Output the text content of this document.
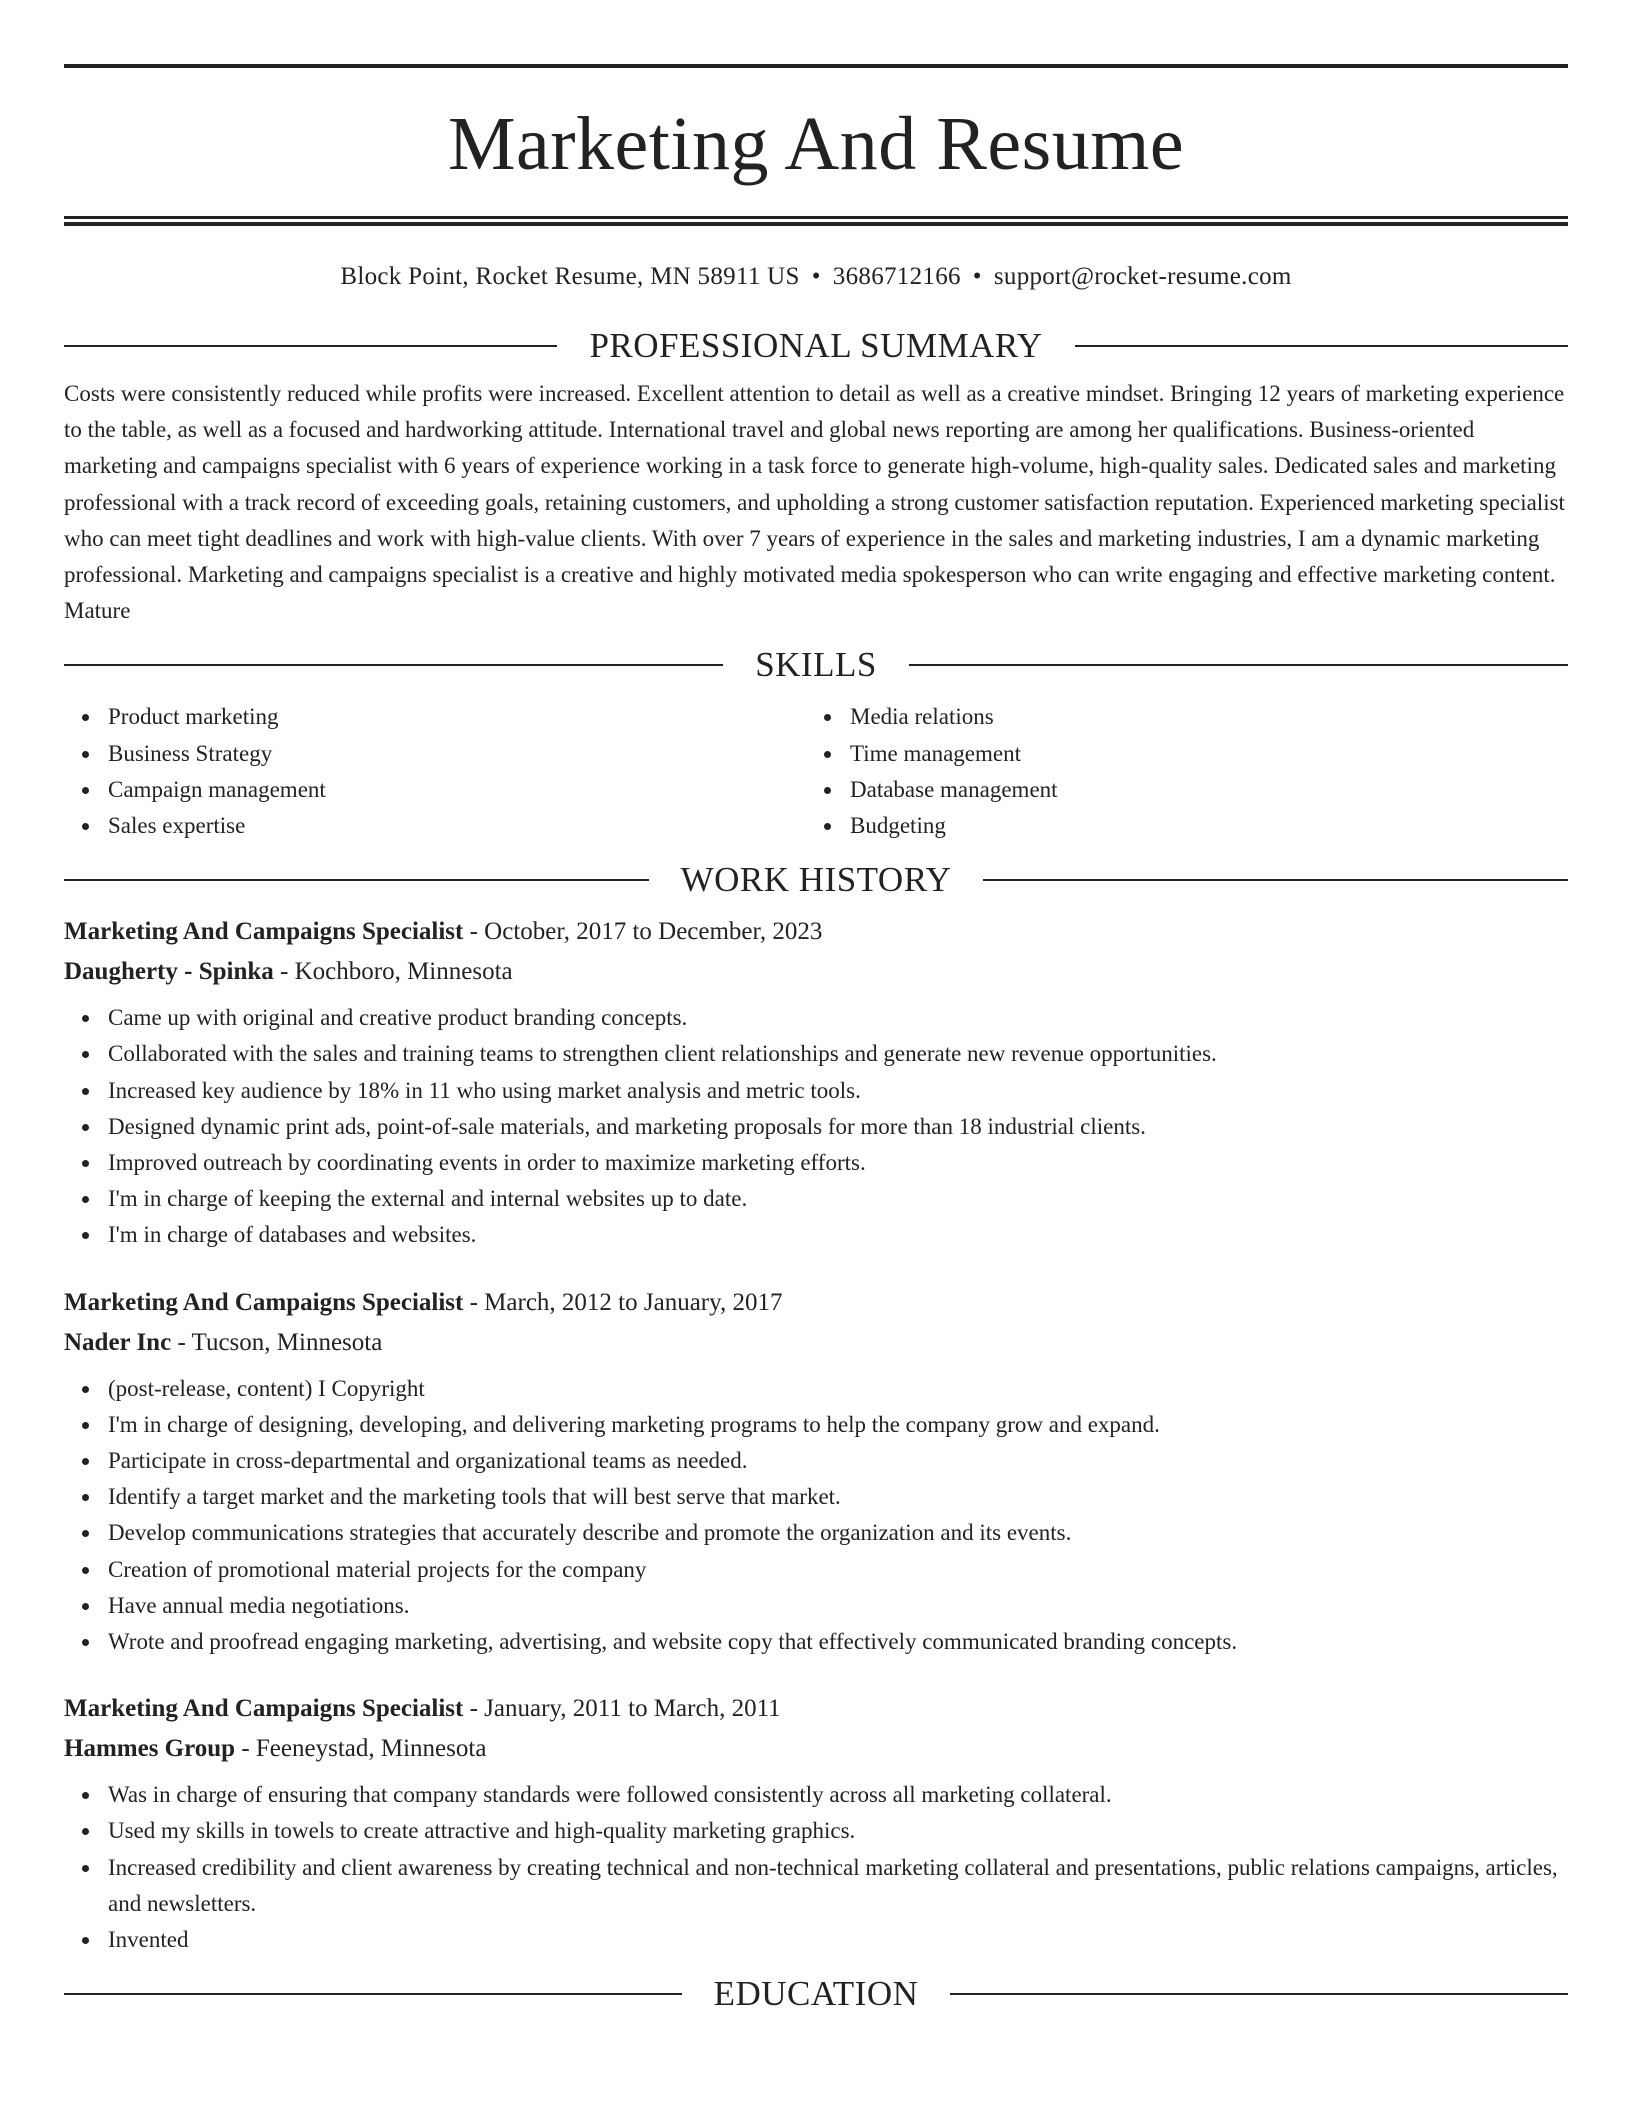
Marketing And Resume
Block Point, Rocket Resume, MN 58911 US • 3686712166 • support@rocket-resume.com
PROFESSIONAL SUMMARY

Costs were consistently reduced while profits were increased. Excellent attention to detail as well as a creative mindset. Bringing 12 years of marketing experience to the table, as well as a focused and hardworking attitude. International travel and global news reporting are among her qualifications. Business-oriented marketing and campaigns specialist with 6 years of experience working in a task force to generate high-volume, high-quality sales. Dedicated sales and marketing professional with a track record of exceeding goals, retaining customers, and upholding a strong customer satisfaction reputation. Experienced marketing specialist who can meet tight deadlines and work with high-value clients. With over 7 years of experience in the sales and marketing industries, I am a dynamic marketing professional. Marketing and campaigns specialist is a creative and highly motivated media spokesperson who can write engaging and effective marketing content. Mature

SKILLS
Product marketing
Business Strategy
Campaign management
Sales expertise
Media relations
Time management
Database management
Budgeting
WORK HISTORY
Marketing And Campaigns Specialist - October, 2017 to December, 2023
Daugherty - Spinka - Kochboro, Minnesota
Came up with original and creative product branding concepts.
Collaborated with the sales and training teams to strengthen client relationships and generate new revenue opportunities.
Increased key audience by 18% in 11 who using market analysis and metric tools.
Designed dynamic print ads, point-of-sale materials, and marketing proposals for more than 18 industrial clients.
Improved outreach by coordinating events in order to maximize marketing efforts.
I'm in charge of keeping the external and internal websites up to date.
I'm in charge of databases and websites.
Marketing And Campaigns Specialist - March, 2012 to January, 2017
Nader Inc - Tucson, Minnesota
(post-release, content) I Copyright
I'm in charge of designing, developing, and delivering marketing programs to help the company grow and expand.
Participate in cross-departmental and organizational teams as needed.
Identify a target market and the marketing tools that will best serve that market.
Develop communications strategies that accurately describe and promote the organization and its events.
Creation of promotional material projects for the company
Have annual media negotiations.
Wrote and proofread engaging marketing, advertising, and website copy that effectively communicated branding concepts.
Marketing And Campaigns Specialist - January, 2011 to March, 2011
Hammes Group - Feeneystad, Minnesota
Was in charge of ensuring that company standards were followed consistently across all marketing collateral.
Used my skills in towels to create attractive and high-quality marketing graphics.
Increased credibility and client awareness by creating technical and non-technical marketing collateral and presentations, public relations campaigns, articles, and newsletters.
Invented
EDUCATION
